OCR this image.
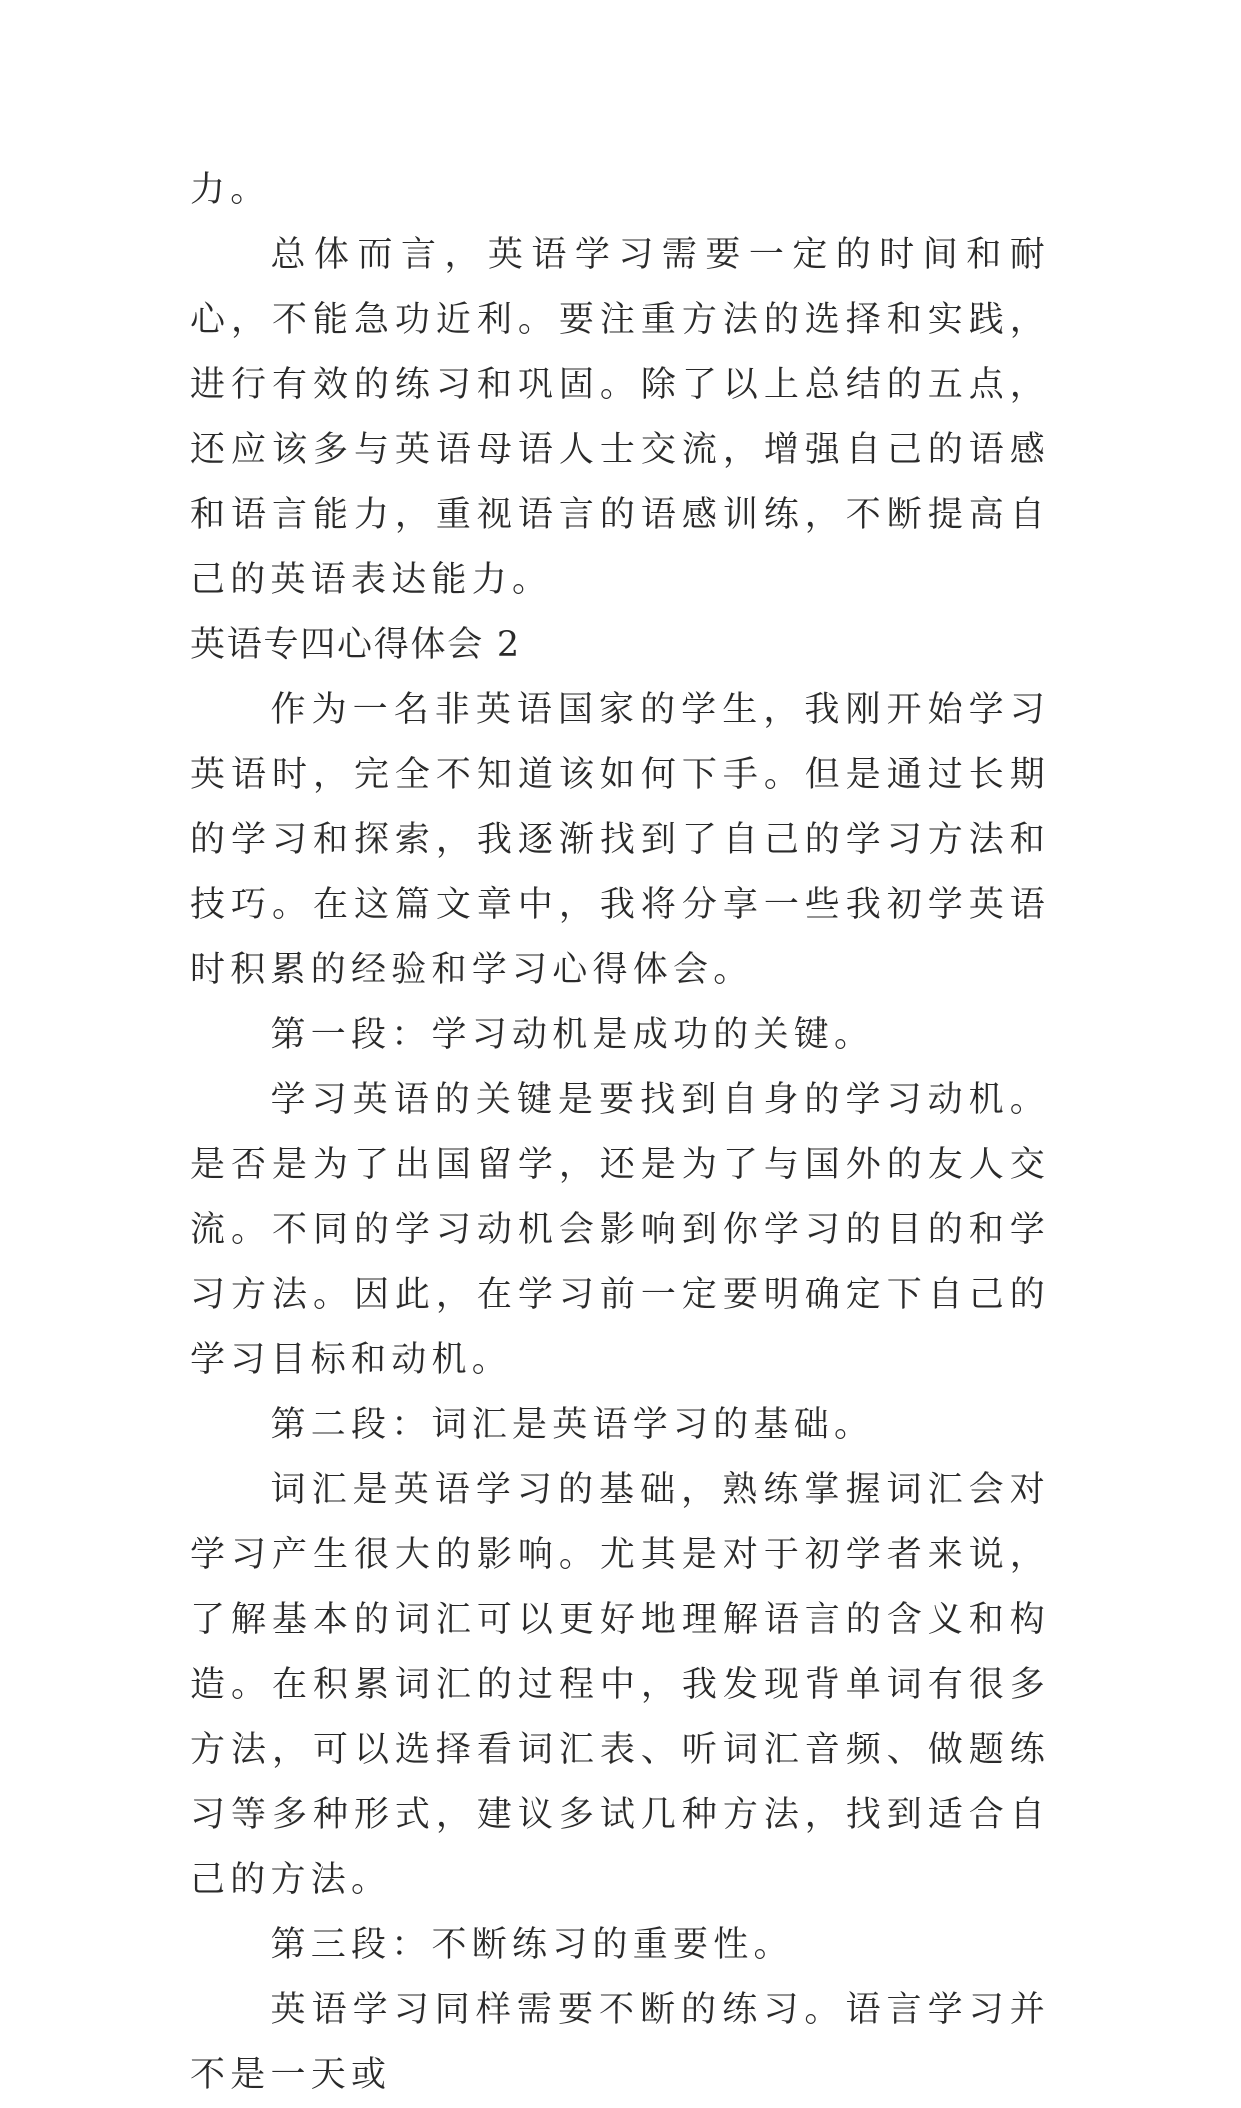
力。

总体而言，英语学习需要一定的时间和耐心，不能急功近利。要注重方法的选择和实践，进行有效的练习和巩固。除了以上总结的五点，还应该多与英语母语人士交流，增强自己的语感和语言能力，重视语言的语感训练，不断提高自己的英语表达能力。

英语专四心得体会 2

作为一名非英语国家的学生，我刚开始学习英语时，完全不知道该如何下手。但是通过长期的学习和探索，我逐渐找到了自己的学习方法和技巧。在这篇文章中，我将分享一些我初学英语时积累的经验和学习心得体会。

第一段：学习动机是成功的关键。

学习英语的关键是要找到自身的学习动机。是否是为了出国留学，还是为了与国外的友人交流。不同的学习动机会影响到你学习的目的和学习方法。因此，在学习前一定要明确定下自己的学习目标和动机。

第二段：词汇是英语学习的基础。

词汇是英语学习的基础，熟练掌握词汇会对学习产生很大的影响。尤其是对于初学者来说，了解基本的词汇可以更好地理解语言的含义和构造。在积累词汇的过程中，我发现背单词有很多方法，可以选择看词汇表、听词汇音频、做题练习等多种形式，建议多试几种方法，找到适合自己的方法。

第三段：不断练习的重要性。

英语学习同样需要不断的练习。语言学习并不是一天或
